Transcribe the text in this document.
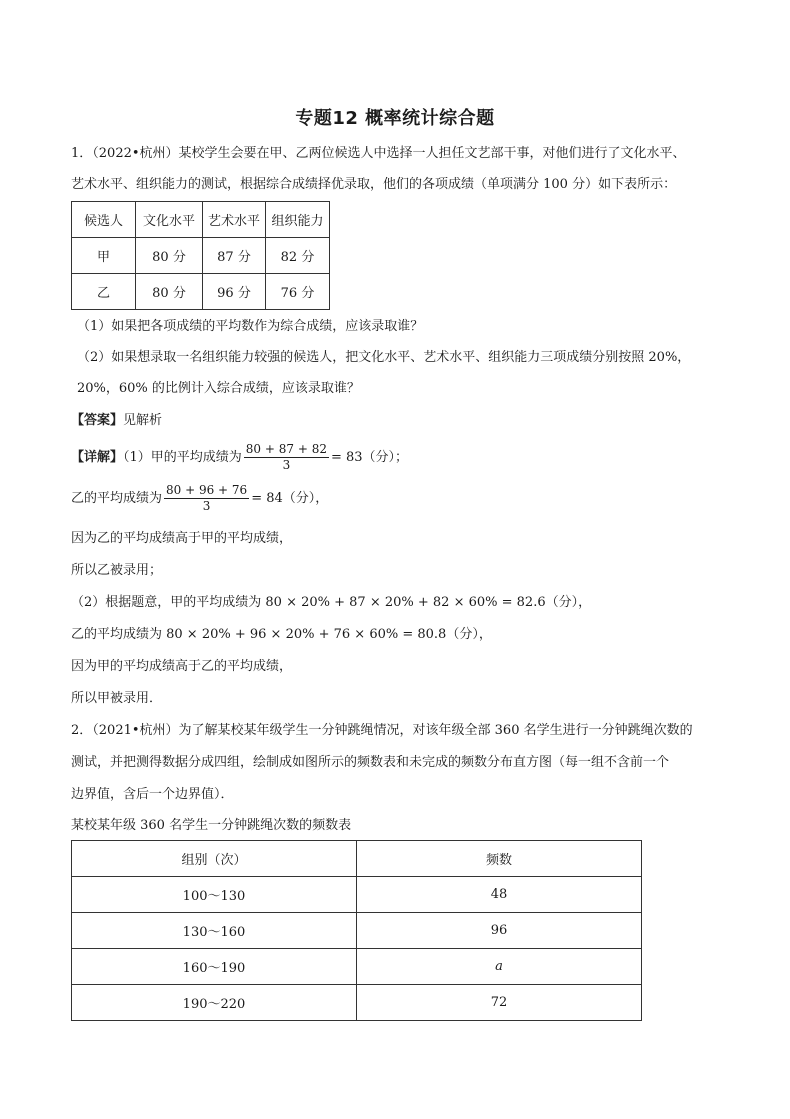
专题12 概率统计综合题
1．（2022•杭州）某校学生会要在甲、乙两位候选人中选择一人担任文艺部干事，对他们进行了文化水平、
艺术水平、组织能力的测试，根据综合成绩择优录取，他们的各项成绩（单项满分 100 分）如下表所示：
候选人	文化水平	艺术水平	组织能力
甲	80 分	87 分	82 分
乙	80 分	96 分	76 分
（1）如果把各项成绩的平均数作为综合成绩，应该录取谁？
（2）如果想录取一名组织能力较强的候选人，把文化水平、艺术水平、组织能力三项成绩分别按照 20%，
20%，60% 的比例计入综合成绩，应该录取谁？
【答案】见解析
【详解】（1）甲的平均成绩为 $\frac{80 + 87 + 82}{3} = 83$（分）；
乙的平均成绩为 $\frac{80 + 96 + 76}{3} = 84$（分），
因为乙的平均成绩高于甲的平均成绩，
所以乙被录用；
（2）根据题意，甲的平均成绩为 80 × 20% + 87 × 20% + 82 × 60% = 82.6（分），
乙的平均成绩为 80 × 20% + 96 × 20% + 76 × 60% = 80.8（分），
因为甲的平均成绩高于乙的平均成绩，
所以甲被录用．
2．（2021•杭州）为了解某校某年级学生一分钟跳绳情况，对该年级全部 360 名学生进行一分钟跳绳次数的
测试，并把测得数据分成四组，绘制成如图所示的频数表和未完成的频数分布直方图（每一组不含前一个
边界值，含后一个边界值）．
某校某年级 360 名学生一分钟跳绳次数的频数表
组别（次）	频数
100～130	48
130～160	96
160～190	a
190～220	72
